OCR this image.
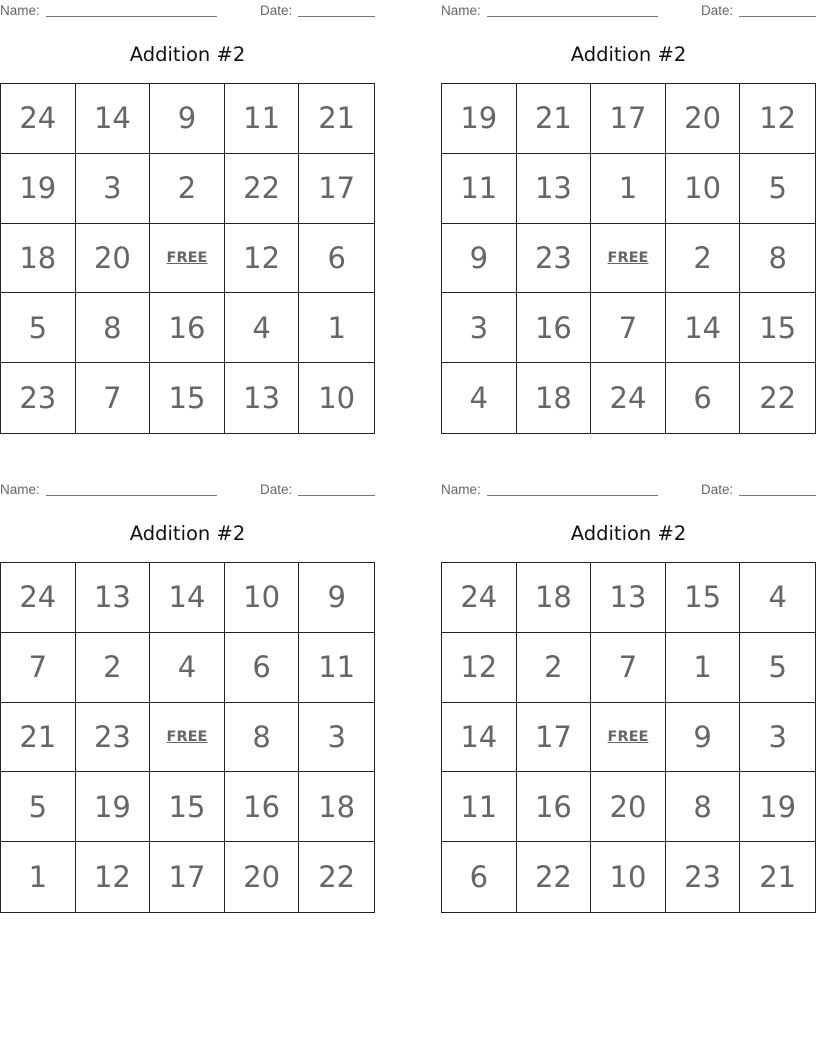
Name:	Date:
Addition #2
24	14	9	11	21
19	3	2	22	17
18	20	FREE	12	6
5	8	16	4	1
23	7	15	13	10
Name:	Date:
Addition #2
19	21	17	20	12
11	13	1	10	5
9	23	FREE	2	8
3	16	7	14	15
4	18	24	6	22
Name:	Date:
Addition #2
24	13	14	10	9
7	2	4	6	11
21	23	FREE	8	3
5	19	15	16	18
1	12	17	20	22
Name:	Date:
Addition #2
24	18	13	15	4
12	2	7	1	5
14	17	FREE	9	3
11	16	20	8	19
6	22	10	23	21
